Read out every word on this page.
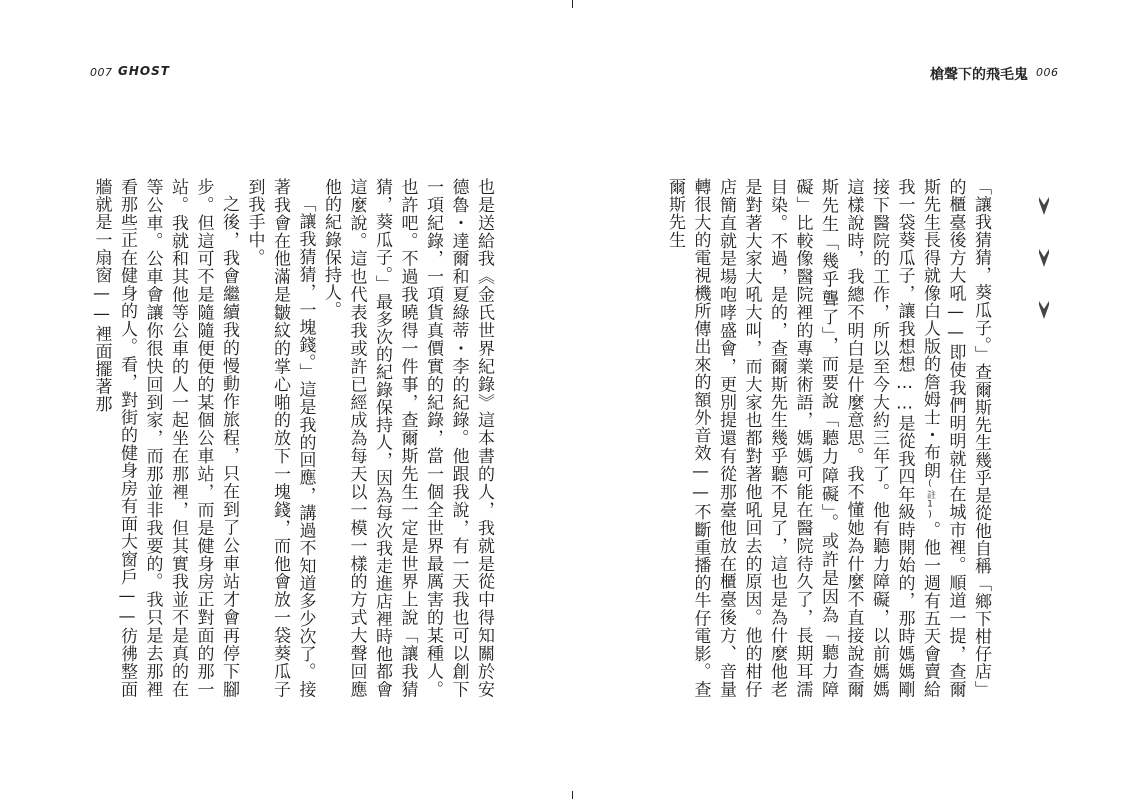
007 GHOST	槍聲下的飛毛鬼 006

「讓我猜猜，葵瓜子。」查爾斯先生幾乎是從他自稱「鄉下柑仔店」的櫃臺後方大吼——即使我們明明就住在城市裡。順道一提，查爾斯先生長得就像白人版的詹姆士・布朗(註1)。他一週有五天會賣給我一袋葵瓜子，讓我想想……是從我四年級時開始的，那時媽媽剛接下醫院的工作，所以至今大約三年了。他有聽力障礙，以前媽媽這樣說時，我總不明白是什麼意思。我不懂她為什麼不直接說查爾斯先生「幾乎聾了」，而要說「聽力障礙」。或許是因為「聽力障礙」比較像醫院裡的專業術語，媽媽可能在醫院待久了，長期耳濡目染。不過，是的，查爾斯先生幾乎聽不見了，這也是為什麼他老是對著大家大吼大叫，而大家也都對著他吼回去的原因。他的柑仔店簡直就是場咆哮盛會，更別提還有從那臺他放在櫃臺後方、音量轉很大的電視機所傳出來的額外音效——不斷重播的牛仔電影。查爾斯先生

也是送給我《金氏世界紀錄》這本書的人，我就是從中得知關於安德魯・達爾和夏綠蒂・李的紀錄。他跟我說，有一天我也可以創下一項紀錄，一項貨真價實的紀錄，當一個全世界最厲害的某種人。也許吧。不過我曉得一件事，查爾斯先生一定是世界上說「讓我猜猜，葵瓜子。」最多次的紀錄保持人，因為每次我走進店裡時他都會這麼說。這也代表我或許已經成為每天以一模一樣的方式大聲回應他的紀錄保持人。

「讓我猜猜，一塊錢。」這是我的回應，講過不知道多少次了。接著我會在他滿是皺紋的掌心啪的放下一塊錢，而他會放一袋葵瓜子到我手中。

之後，我會繼續我的慢動作旅程，只在到了公車站才會再停下腳步。但這可不是隨隨便便的某個公車站，而是健身房正對面的那一站。我就和其他等公車的人一起坐在那裡，但其實我並不是真的在等公車。公車會讓你很快回到家，而那並非我要的。我只是去那裡看那些正在健身的人。看，對街的健身房有面大窗戶——彷彿整面牆就是一扇窗——裡面擺著那
